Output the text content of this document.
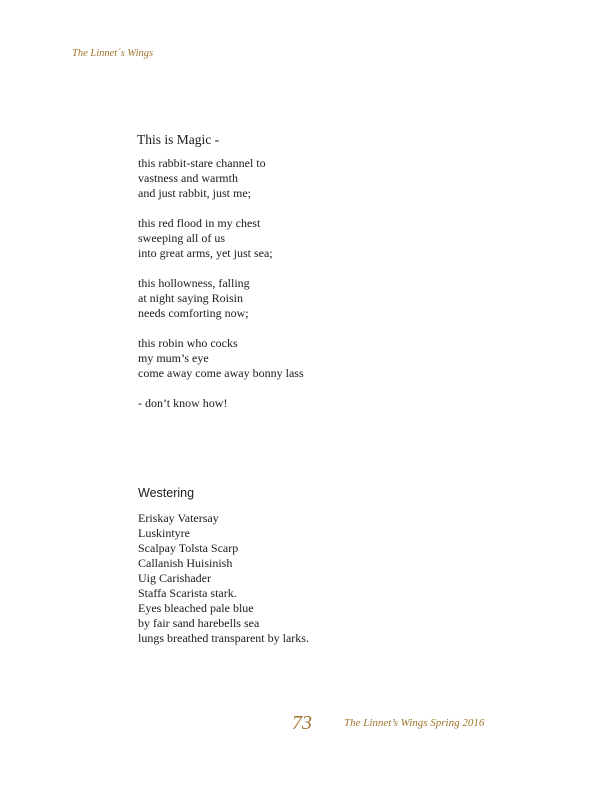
The Linnet´s Wings

This is Magic -
this rabbit-stare channel to
vastness and warmth
and just rabbit, just me;
this red flood in my chest
sweeping all of us
into great arms, yet just sea;
this hollowness, falling
at night saying Roisin
needs comforting now;
this robin who cocks
my mum’s eye
come away come away bonny lass
- don’t know how!
Westering
Eriskay Vatersay
Luskintyre
Scalpay Tolsta Scarp
Callanish Huisinish
Uig Carishader
Staffa Scarista stark.
Eyes bleached pale blue
by fair sand harebells sea
lungs breathed transparent by larks.

73	The Linnet’s Wings Spring 2016
